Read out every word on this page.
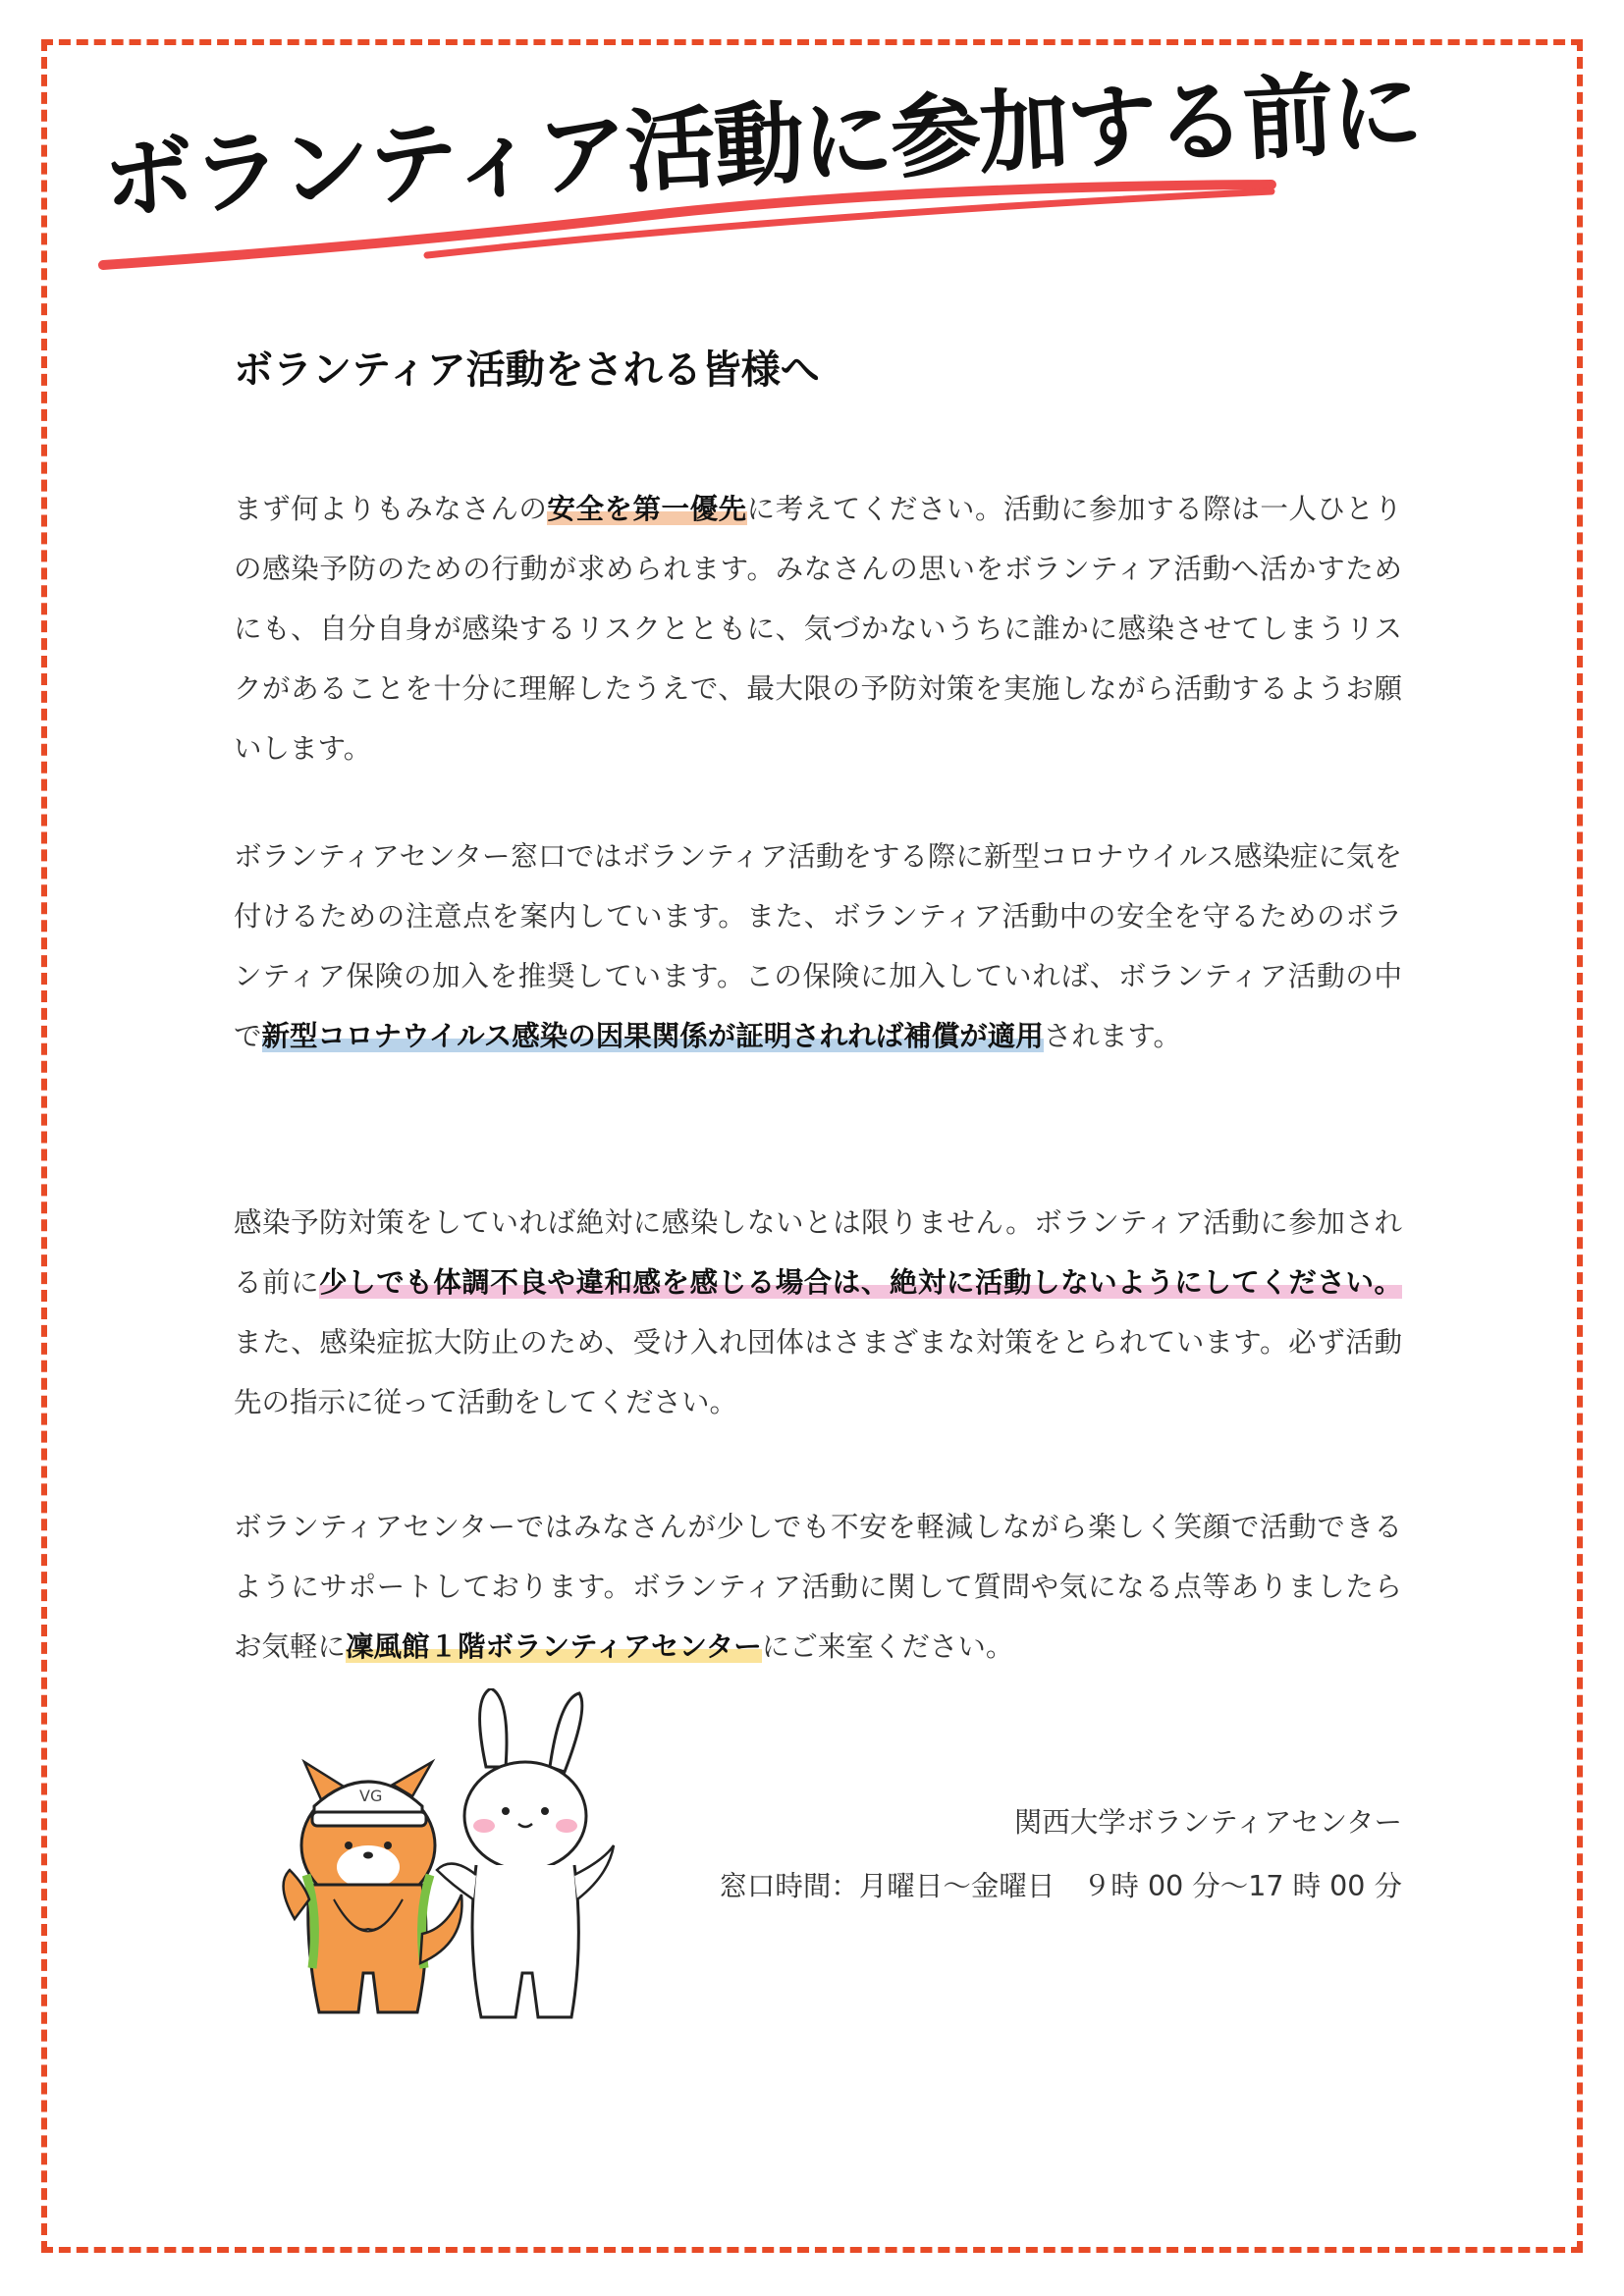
ボランティア活動に参加する前に
ボランティア活動をされる皆様へ

まず何よりもみなさんの安全を第一優先に考えてください。活動に参加する際は一人ひとりの感染予防のための行動が求められます。みなさんの思いをボランティア活動へ活かすためにも、自分自身が感染するリスクとともに、気づかないうちに誰かに感染させてしまうリスクがあることを十分に理解したうえで、最大限の予防対策を実施しながら活動するようお願いします。

ボランティアセンター窓口ではボランティア活動をする際に新型コロナウイルス感染症に気を付けるための注意点を案内しています。また、ボランティア活動中の安全を守るためのボランティア保険の加入を推奨しています。この保険に加入していれば、ボランティア活動の中で新型コロナウイルス感染の因果関係が証明されれば補償が適用されます。

感染予防対策をしていれば絶対に感染しないとは限りません。ボランティア活動に参加される前に少しでも体調不良や違和感を感じる場合は、絶対に活動しないようにしてください。また、感染症拡大防止のため、受け入れ団体はさまざまな対策をとられています。必ず活動先の指示に従って活動をしてください。

ボランティアセンターではみなさんが少しでも不安を軽減しながら楽しく笑顔で活動できるようにサポートしております。ボランティア活動に関して質問や気になる点等ありましたらお気軽に凜風館１階ボランティアセンターにご来室ください。

VG

関西大学ボランティアセンター

窓口時間：月曜日～金曜日　９時 00 分～17 時 00 分
